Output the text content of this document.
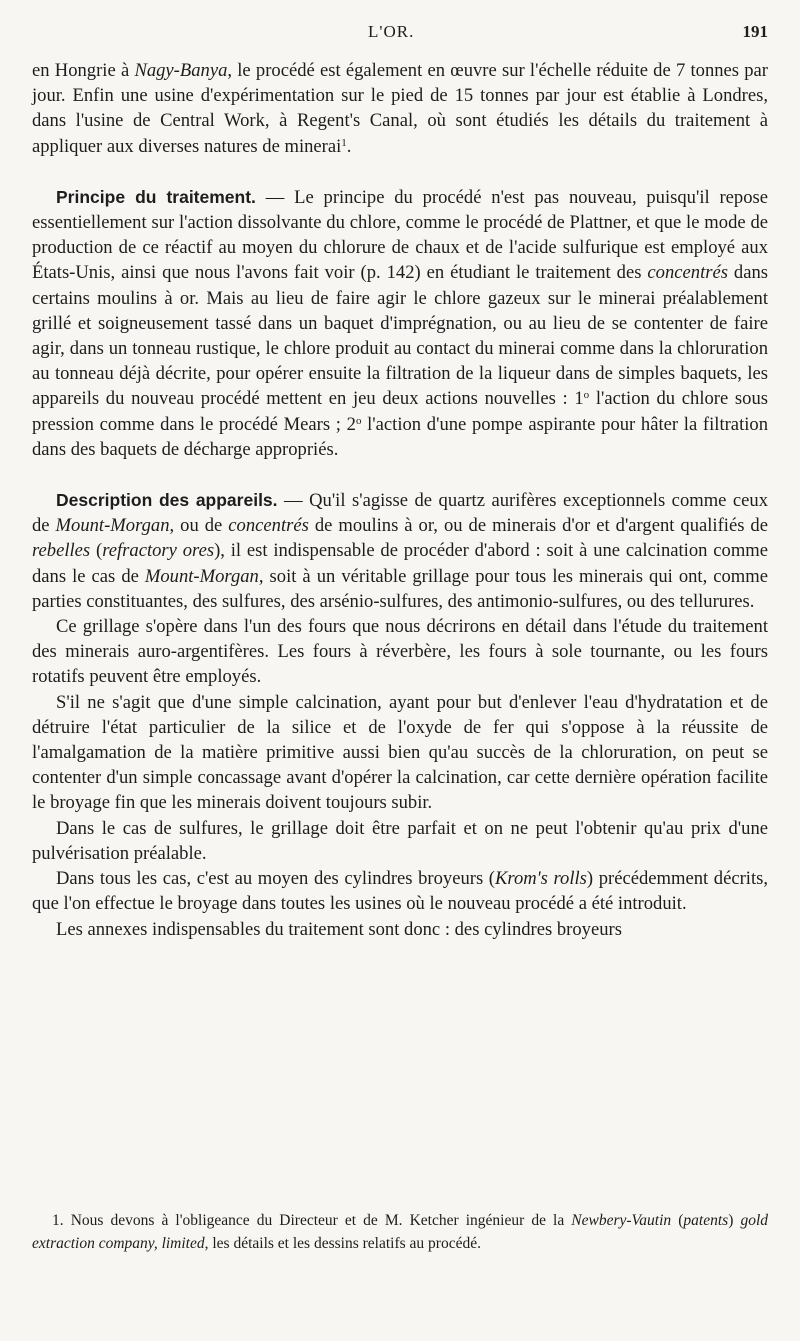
L'OR.	191

en Hongrie à Nagy-Banya, le procédé est également en œuvre sur l'échelle réduite de 7 tonnes par jour. Enfin une usine d'expérimentation sur le pied de 15 tonnes par jour est établie à Londres, dans l'usine de Central Work, à Regent's Canal, où sont étudiés les détails du traitement à appliquer aux diverses natures de minerai$^1$.

Principe du traitement. — Le principe du procédé n'est pas nouveau, puisqu'il repose essentiellement sur l'action dissolvante du chlore, comme le procédé de Plattner, et que le mode de production de ce réactif au moyen du chlorure de chaux et de l'acide sulfurique est employé aux États-Unis, ainsi que nous l'avons fait voir (p. 142) en étudiant le traitement des concentrés dans certains moulins à or. Mais au lieu de faire agir le chlore gazeux sur le minerai préalablement grillé et soigneusement tassé dans un baquet d'imprégnation, ou au lieu de se contenter de faire agir, dans un tonneau rustique, le chlore produit au contact du minerai comme dans la chloruration au tonneau déjà décrite, pour opérer ensuite la filtration de la liqueur dans de simples baquets, les appareils du nouveau procédé mettent en jeu deux actions nouvelles : 1$^o$ l'action du chlore sous pression comme dans le procédé Mears ; 2$^o$ l'action d'une pompe aspirante pour hâter la filtration dans des baquets de décharge appropriés.

Description des appareils. — Qu'il s'agisse de quartz aurifères exceptionnels comme ceux de Mount-Morgan, ou de concentrés de moulins à or, ou de minerais d'or et d'argent qualifiés de rebelles (refractory ores), il est indispensable de procéder d'abord : soit à une calcination comme dans le cas de Mount-Morgan, soit à un véritable grillage pour tous les minerais qui ont, comme parties constituantes, des sulfures, des arsénio-sulfures, des antimonio-sulfures, ou des tellurures.

Ce grillage s'opère dans l'un des fours que nous décrirons en détail dans l'étude du traitement des minerais auro-argentifères. Les fours à réverbère, les fours à sole tournante, ou les fours rotatifs peuvent être employés.

S'il ne s'agit que d'une simple calcination, ayant pour but d'enlever l'eau d'hydratation et de détruire l'état particulier de la silice et de l'oxyde de fer qui s'oppose à la réussite de l'amalgamation de la matière primitive aussi bien qu'au succès de la chloruration, on peut se contenter d'un simple concassage avant d'opérer la calcination, car cette dernière opération facilite le broyage fin que les minerais doivent toujours subir.

Dans le cas de sulfures, le grillage doit être parfait et on ne peut l'obtenir qu'au prix d'une pulvérisation préalable.

Dans tous les cas, c'est au moyen des cylindres broyeurs (Krom's rolls) précédemment décrits, que l'on effectue le broyage dans toutes les usines où le nouveau procédé a été introduit.

Les annexes indispensables du traitement sont donc : des cylindres broyeurs

1. Nous devons à l'obligeance du Directeur et de M. Ketcher ingénieur de la Newbery-Vautin (patents) gold extraction company, limited, les détails et les dessins relatifs au procédé.
